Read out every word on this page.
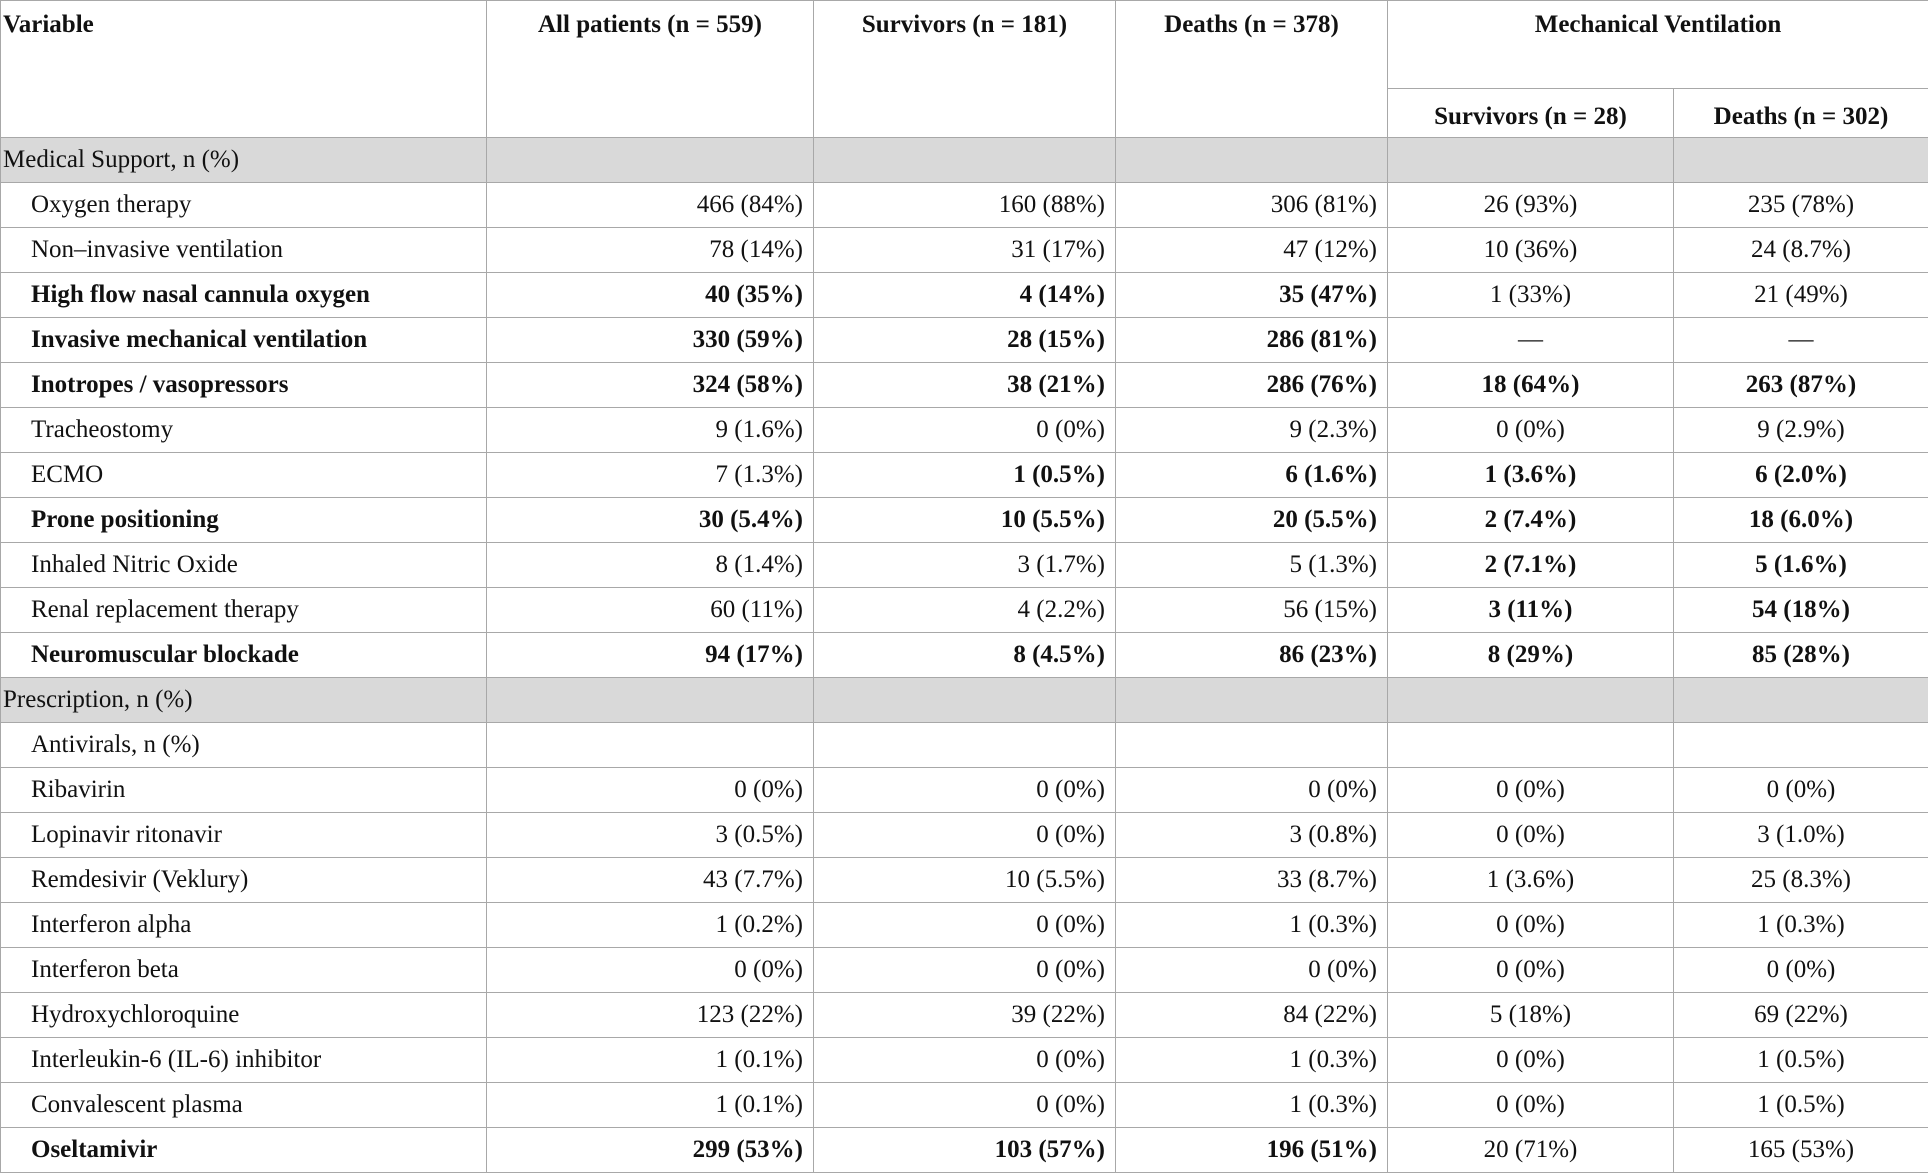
Variable	All patients (n = 559)	Survivors (n = 181)	Deaths (n = 378)	Mechanical Ventilation	
				Survivors (n = 28)	Deaths (n = 302)
Medical Support, n (%)					
Oxygen therapy	466 (84%)	160 (88%)	306 (81%)	26 (93%)	235 (78%)
Non–invasive ventilation	78 (14%)	31 (17%)	47 (12%)	10 (36%)	24 (8.7%)
High flow nasal cannula oxygen	40 (35%)	4 (14%)	35 (47%)	1 (33%)	21 (49%)
Invasive mechanical ventilation	330 (59%)	28 (15%)	286 (81%)	—	—
Inotropes / vasopressors	324 (58%)	38 (21%)	286 (76%)	18 (64%)	263 (87%)
Tracheostomy	9 (1.6%)	0 (0%)	9 (2.3%)	0 (0%)	9 (2.9%)
ECMO	7 (1.3%)	1 (0.5%)	6 (1.6%)	1 (3.6%)	6 (2.0%)
Prone positioning	30 (5.4%)	10 (5.5%)	20 (5.5%)	2 (7.4%)	18 (6.0%)
Inhaled Nitric Oxide	8 (1.4%)	3 (1.7%)	5 (1.3%)	2 (7.1%)	5 (1.6%)
Renal replacement therapy	60 (11%)	4 (2.2%)	56 (15%)	3 (11%)	54 (18%)
Neuromuscular blockade	94 (17%)	8 (4.5%)	86 (23%)	8 (29%)	85 (28%)
Prescription, n (%)					
Antivirals, n (%)					
Ribavirin	0 (0%)	0 (0%)	0 (0%)	0 (0%)	0 (0%)
Lopinavir ritonavir	3 (0.5%)	0 (0%)	3 (0.8%)	0 (0%)	3 (1.0%)
Remdesivir (Veklury)	43 (7.7%)	10 (5.5%)	33 (8.7%)	1 (3.6%)	25 (8.3%)
Interferon alpha	1 (0.2%)	0 (0%)	1 (0.3%)	0 (0%)	1 (0.3%)
Interferon beta	0 (0%)	0 (0%)	0 (0%)	0 (0%)	0 (0%)
Hydroxychloroquine	123 (22%)	39 (22%)	84 (22%)	5 (18%)	69 (22%)
Interleukin-6 (IL-6) inhibitor	1 (0.1%)	0 (0%)	1 (0.3%)	0 (0%)	1 (0.5%)
Convalescent plasma	1 (0.1%)	0 (0%)	1 (0.3%)	0 (0%)	1 (0.5%)
Oseltamivir	299 (53%)	103 (57%)	196 (51%)	20 (71%)	165 (53%)
